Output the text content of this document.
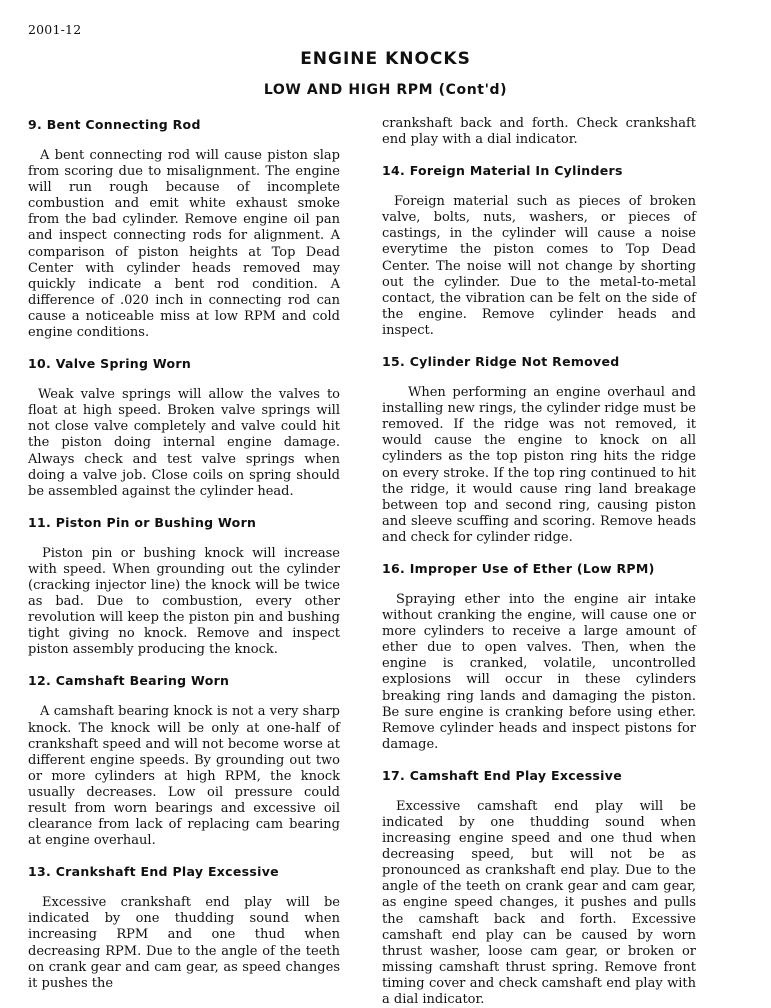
2001-12
ENGINE KNOCKS
LOW AND HIGH RPM (Cont'd)
9. Bent Connecting Rod

A bent connecting rod will cause piston slap from scoring due to misalignment. The engine will run rough because of incomplete combustion and emit white exhaust smoke from the bad cylinder. Remove engine oil pan and inspect connecting rods for alignment. A comparison of piston heights at Top Dead Center with cylinder heads removed may quickly indicate a bent rod condition. A difference of .020 inch in connecting rod can cause a noticeable miss at low RPM and cold engine conditions.

10. Valve Spring Worn

Weak valve springs will allow the valves to float at high speed. Broken valve springs will not close valve completely and valve could hit the piston doing internal engine damage. Always check and test valve springs when doing a valve job. Close coils on spring should be assembled against the cylinder head.

11. Piston Pin or Bushing Worn

Piston pin or bushing knock will increase with speed. When grounding out the cylinder (cracking injector line) the knock will be twice as bad. Due to combustion, every other revolution will keep the piston pin and bushing tight giving no knock. Remove and inspect piston assembly producing the knock.

12. Camshaft Bearing Worn

A camshaft bearing knock is not a very sharp knock. The knock will be only at one-half of crankshaft speed and will not become worse at different engine speeds. By grounding out two or more cylinders at high RPM, the knock usually decreases. Low oil pressure could result from worn bearings and excessive oil clearance from lack of replacing cam bearing at engine overhaul.

13. Crankshaft End Play Excessive

Excessive crankshaft end play will be indicated by one thudding sound when increasing RPM and one thud when decreasing RPM. Due to the angle of the teeth on crank gear and cam gear, as speed changes it pushes the

crankshaft back and forth. Check crankshaft end play with a dial indicator.

14. Foreign Material In Cylinders

Foreign material such as pieces of broken valve, bolts, nuts, washers, or pieces of castings, in the cylinder will cause a noise everytime the piston comes to Top Dead Center. The noise will not change by shorting out the cylinder. Due to the metal-to-metal contact, the vibration can be felt on the side of the engine. Remove cylinder heads and inspect.

15. Cylinder Ridge Not Removed

When performing an engine overhaul and installing new rings, the cylinder ridge must be removed. If the ridge was not removed, it would cause the engine to knock on all cylinders as the top piston ring hits the ridge on every stroke. If the top ring continued to hit the ridge, it would cause ring land breakage between top and second ring, causing piston and sleeve scuffing and scoring. Remove heads and check for cylinder ridge.

16. Improper Use of Ether (Low RPM)

Spraying ether into the engine air intake without cranking the engine, will cause one or more cylinders to receive a large amount of ether due to open valves. Then, when the engine is cranked, volatile, uncontrolled explosions will occur in these cylinders breaking ring lands and damaging the piston. Be sure engine is cranking before using ether. Remove cylinder heads and inspect pistons for damage.

17. Camshaft End Play Excessive

Excessive camshaft end play will be indicated by one thudding sound when increasing engine speed and one thud when decreasing speed, but will not be as pronounced as crankshaft end play. Due to the angle of the teeth on crank gear and cam gear, as engine speed changes, it pushes and pulls the camshaft back and forth. Excessive camshaft end play can be caused by worn thrust washer, loose cam gear, or broken or missing camshaft thrust spring. Remove front timing cover and check camshaft end play with a dial indicator.
